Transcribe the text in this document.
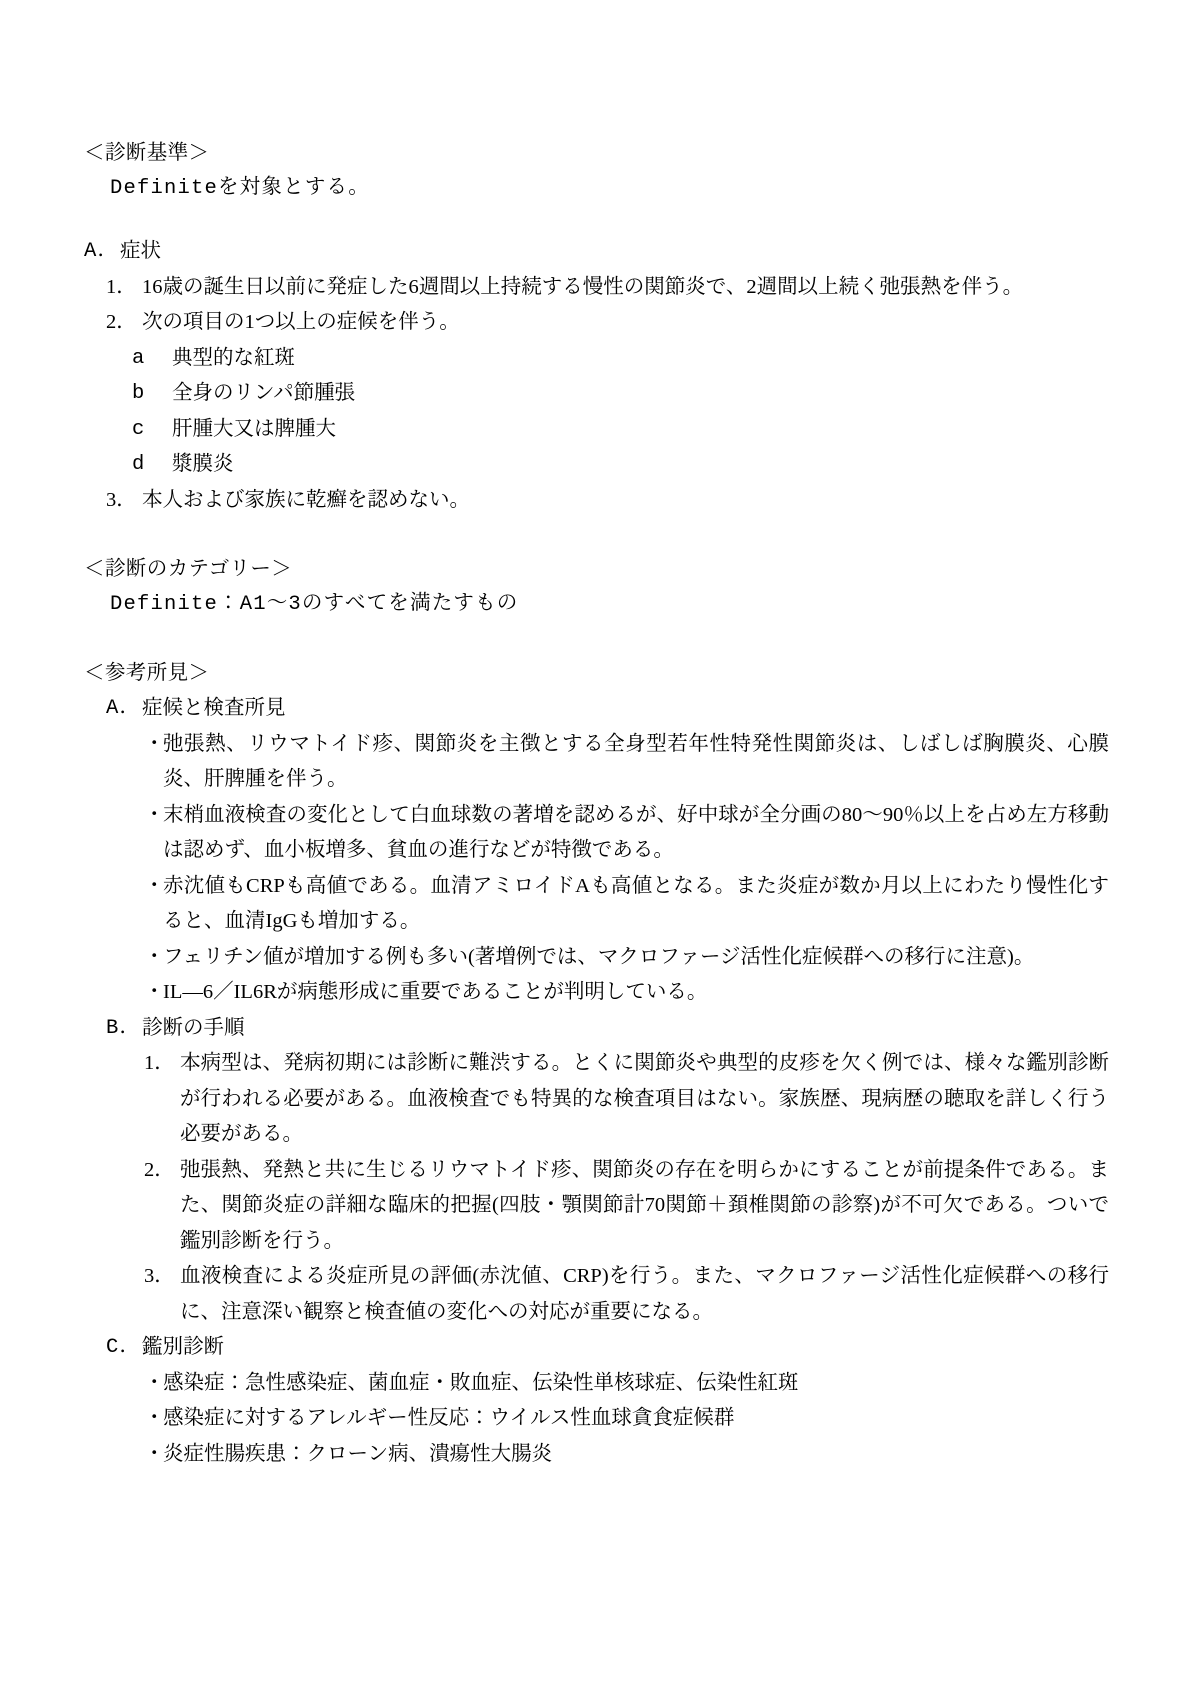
＜診断基準＞
Definiteを対象とする。
A． 症状
1． 16歳の誕生日以前に発症した6週間以上持続する慢性の関節炎で、2週間以上続く弛張熱を伴う。
2． 次の項目の1つ以上の症候を伴う。
a	典型的な紅斑
b	全身のリンパ節腫張
c	肝腫大又は脾腫大
d	漿膜炎
3． 本人および家族に乾癬を認めない。
＜診断のカテゴリー＞
Definite：A1〜3のすべてを満たすもの
＜参考所見＞
A． 症候と検査所見
・
弛張熱、リウマトイド疹、関節炎を主徴とする全身型若年性特発性関節炎は、しばしば胸膜炎、心膜炎、肝脾腫を伴う。
・
末梢血液検査の変化として白血球数の著増を認めるが、好中球が全分画の80〜90％以上を占め左方移動は認めず、血小板増多、貧血の進行などが特徴である。
・
赤沈値もCRPも高値である。血清アミロイドAも高値となる。また炎症が数か月以上にわたり慢性化すると、血清IgGも増加する。
・
フェリチン値が増加する例も多い(著増例では、マクロファージ活性化症候群への移行に注意)。
・
IL—6／IL6Rが病態形成に重要であることが判明している。
B． 診断の手順
1． 本病型は、発病初期には診断に難渋する。とくに関節炎や典型的皮疹を欠く例では、様々な鑑別診断が行われる必要がある。血液検査でも特異的な検査項目はない。家族歴、現病歴の聴取を詳しく行う必要がある。
2． 弛張熱、発熱と共に生じるリウマトイド疹、関節炎の存在を明らかにすることが前提条件である。また、関節炎症の詳細な臨床的把握(四肢・顎関節計70関節＋頚椎関節の診察)が不可欠である。ついで鑑別診断を行う。
3． 血液検査による炎症所見の評価(赤沈値、CRP)を行う。また、マクロファージ活性化症候群への移行に、注意深い観察と検査値の変化への対応が重要になる。
C． 鑑別診断
・
感染症：急性感染症、菌血症・敗血症、伝染性単核球症、伝染性紅斑
・
感染症に対するアレルギー性反応：ウイルス性血球貪食症候群
・
炎症性腸疾患：クローン病、潰瘍性大腸炎
